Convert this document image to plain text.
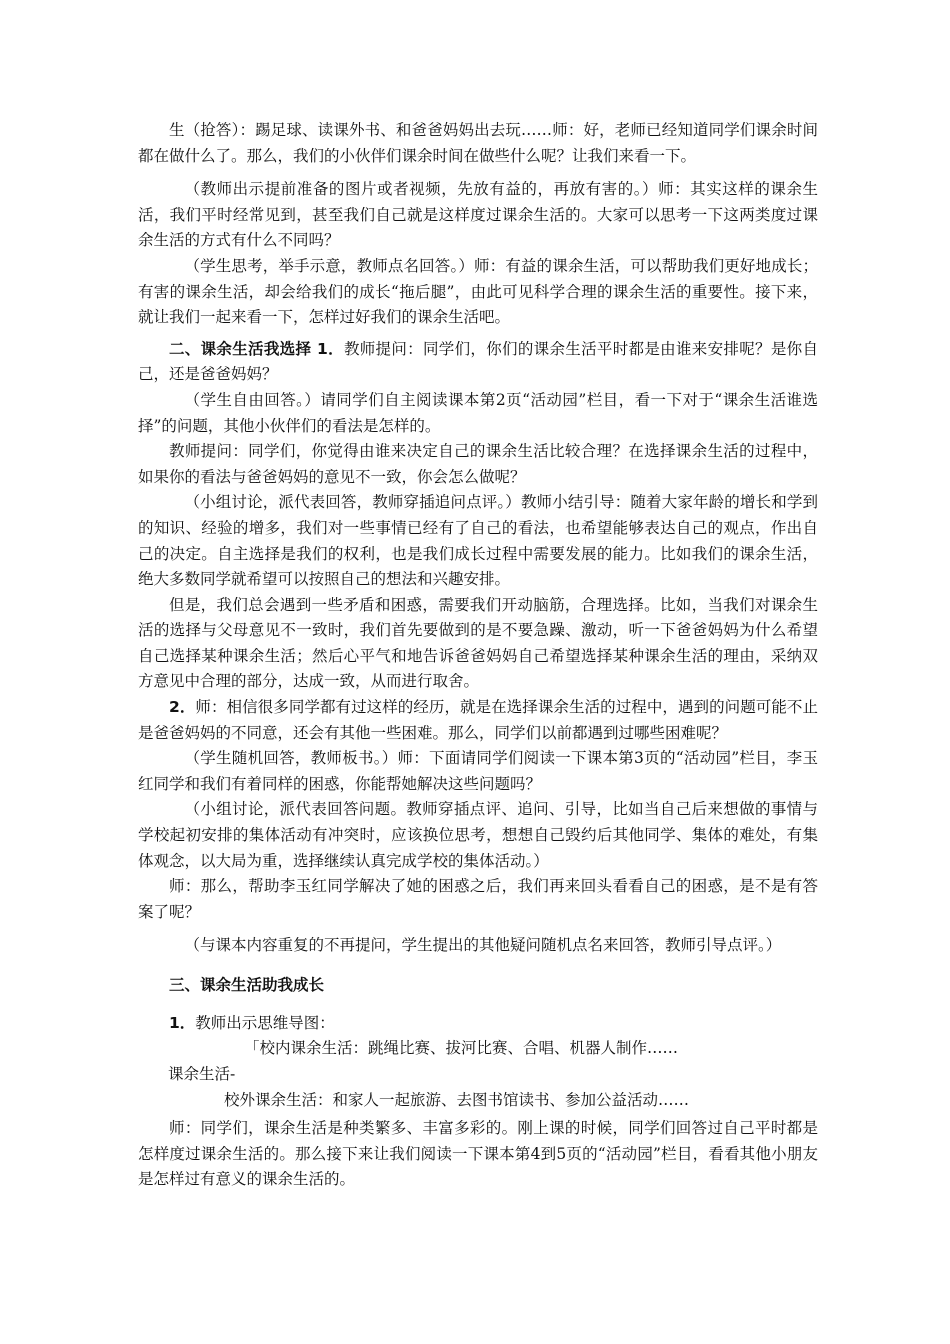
生（抢答）：踢足球、读课外书、和爸爸妈妈出去玩……师：好，老师已经知道同学们课余时间都在做什么了。那么，我们的小伙伴们课余时间在做些什么呢？让我们来看一下。

（教师出示提前准备的图片或者视频，先放有益的，再放有害的。）师：其实这样的课余生活，我们平时经常见到，甚至我们自己就是这样度过课余生活的。大家可以思考一下这两类度过课余生活的方式有什么不同吗？

（学生思考，举手示意，教师点名回答。）师：有益的课余生活，可以帮助我们更好地成长；有害的课余生活，却会给我们的成长“拖后腿”，由此可见科学合理的课余生活的重要性。接下来，就让我们一起来看一下，怎样过好我们的课余生活吧。

二、课余生活我选择 1．教师提问：同学们，你们的课余生活平时都是由谁来安排呢？是你自己，还是爸爸妈妈？

（学生自由回答。）请同学们自主阅读课本第2页“活动园”栏目，看一下对于“课余生活谁选择”的问题，其他小伙伴们的看法是怎样的。

教师提问：同学们，你觉得由谁来决定自己的课余生活比较合理？在选择课余生活的过程中，如果你的看法与爸爸妈妈的意见不一致，你会怎么做呢？

（小组讨论，派代表回答，教师穿插追问点评。）教师小结引导：随着大家年龄的增长和学到的知识、经验的增多，我们对一些事情已经有了自己的看法，也希望能够表达自己的观点，作出自己的决定。自主选择是我们的权利，也是我们成长过程中需要发展的能力。比如我们的课余生活，绝大多数同学就希望可以按照自己的想法和兴趣安排。

但是，我们总会遇到一些矛盾和困惑，需要我们开动脑筋，合理选择。比如，当我们对课余生活的选择与父母意见不一致时，我们首先要做到的是不要急躁、激动，听一下爸爸妈妈为什么希望自己选择某种课余生活；然后心平气和地告诉爸爸妈妈自己希望选择某种课余生活的理由，采纳双方意见中合理的部分，达成一致，从而进行取舍。

2．师：相信很多同学都有过这样的经历，就是在选择课余生活的过程中，遇到的问题可能不止是爸爸妈妈的不同意，还会有其他一些困难。那么，同学们以前都遇到过哪些困难呢？

（学生随机回答，教师板书。）师：下面请同学们阅读一下课本第3页的“活动园”栏目，李玉红同学和我们有着同样的困惑，你能帮她解决这些问题吗？

（小组讨论，派代表回答问题。教师穿插点评、追问、引导，比如当自己后来想做的事情与学校起初安排的集体活动有冲突时，应该换位思考，想想自己毁约后其他同学、集体的难处，有集体观念，以大局为重，选择继续认真完成学校的集体活动。）

师：那么，帮助李玉红同学解决了她的困惑之后，我们再来回头看看自己的困惑，是不是有答案了呢？

（与课本内容重复的不再提问，学生提出的其他疑问随机点名来回答，教师引导点评。）

三、课余生活助我成长

1．教师出示思维导图：

「校内课余生活：跳绳比赛、拔河比赛、合唱、机器人制作……
课余生活-
校外课余生活：和家人一起旅游、去图书馆读书、参加公益活动……

师：同学们，课余生活是种类繁多、丰富多彩的。刚上课的时候，同学们回答过自己平时都是怎样度过课余生活的。那么接下来让我们阅读一下课本第4到5页的“活动园”栏目，看看其他小朋友是怎样过有意义的课余生活的。
